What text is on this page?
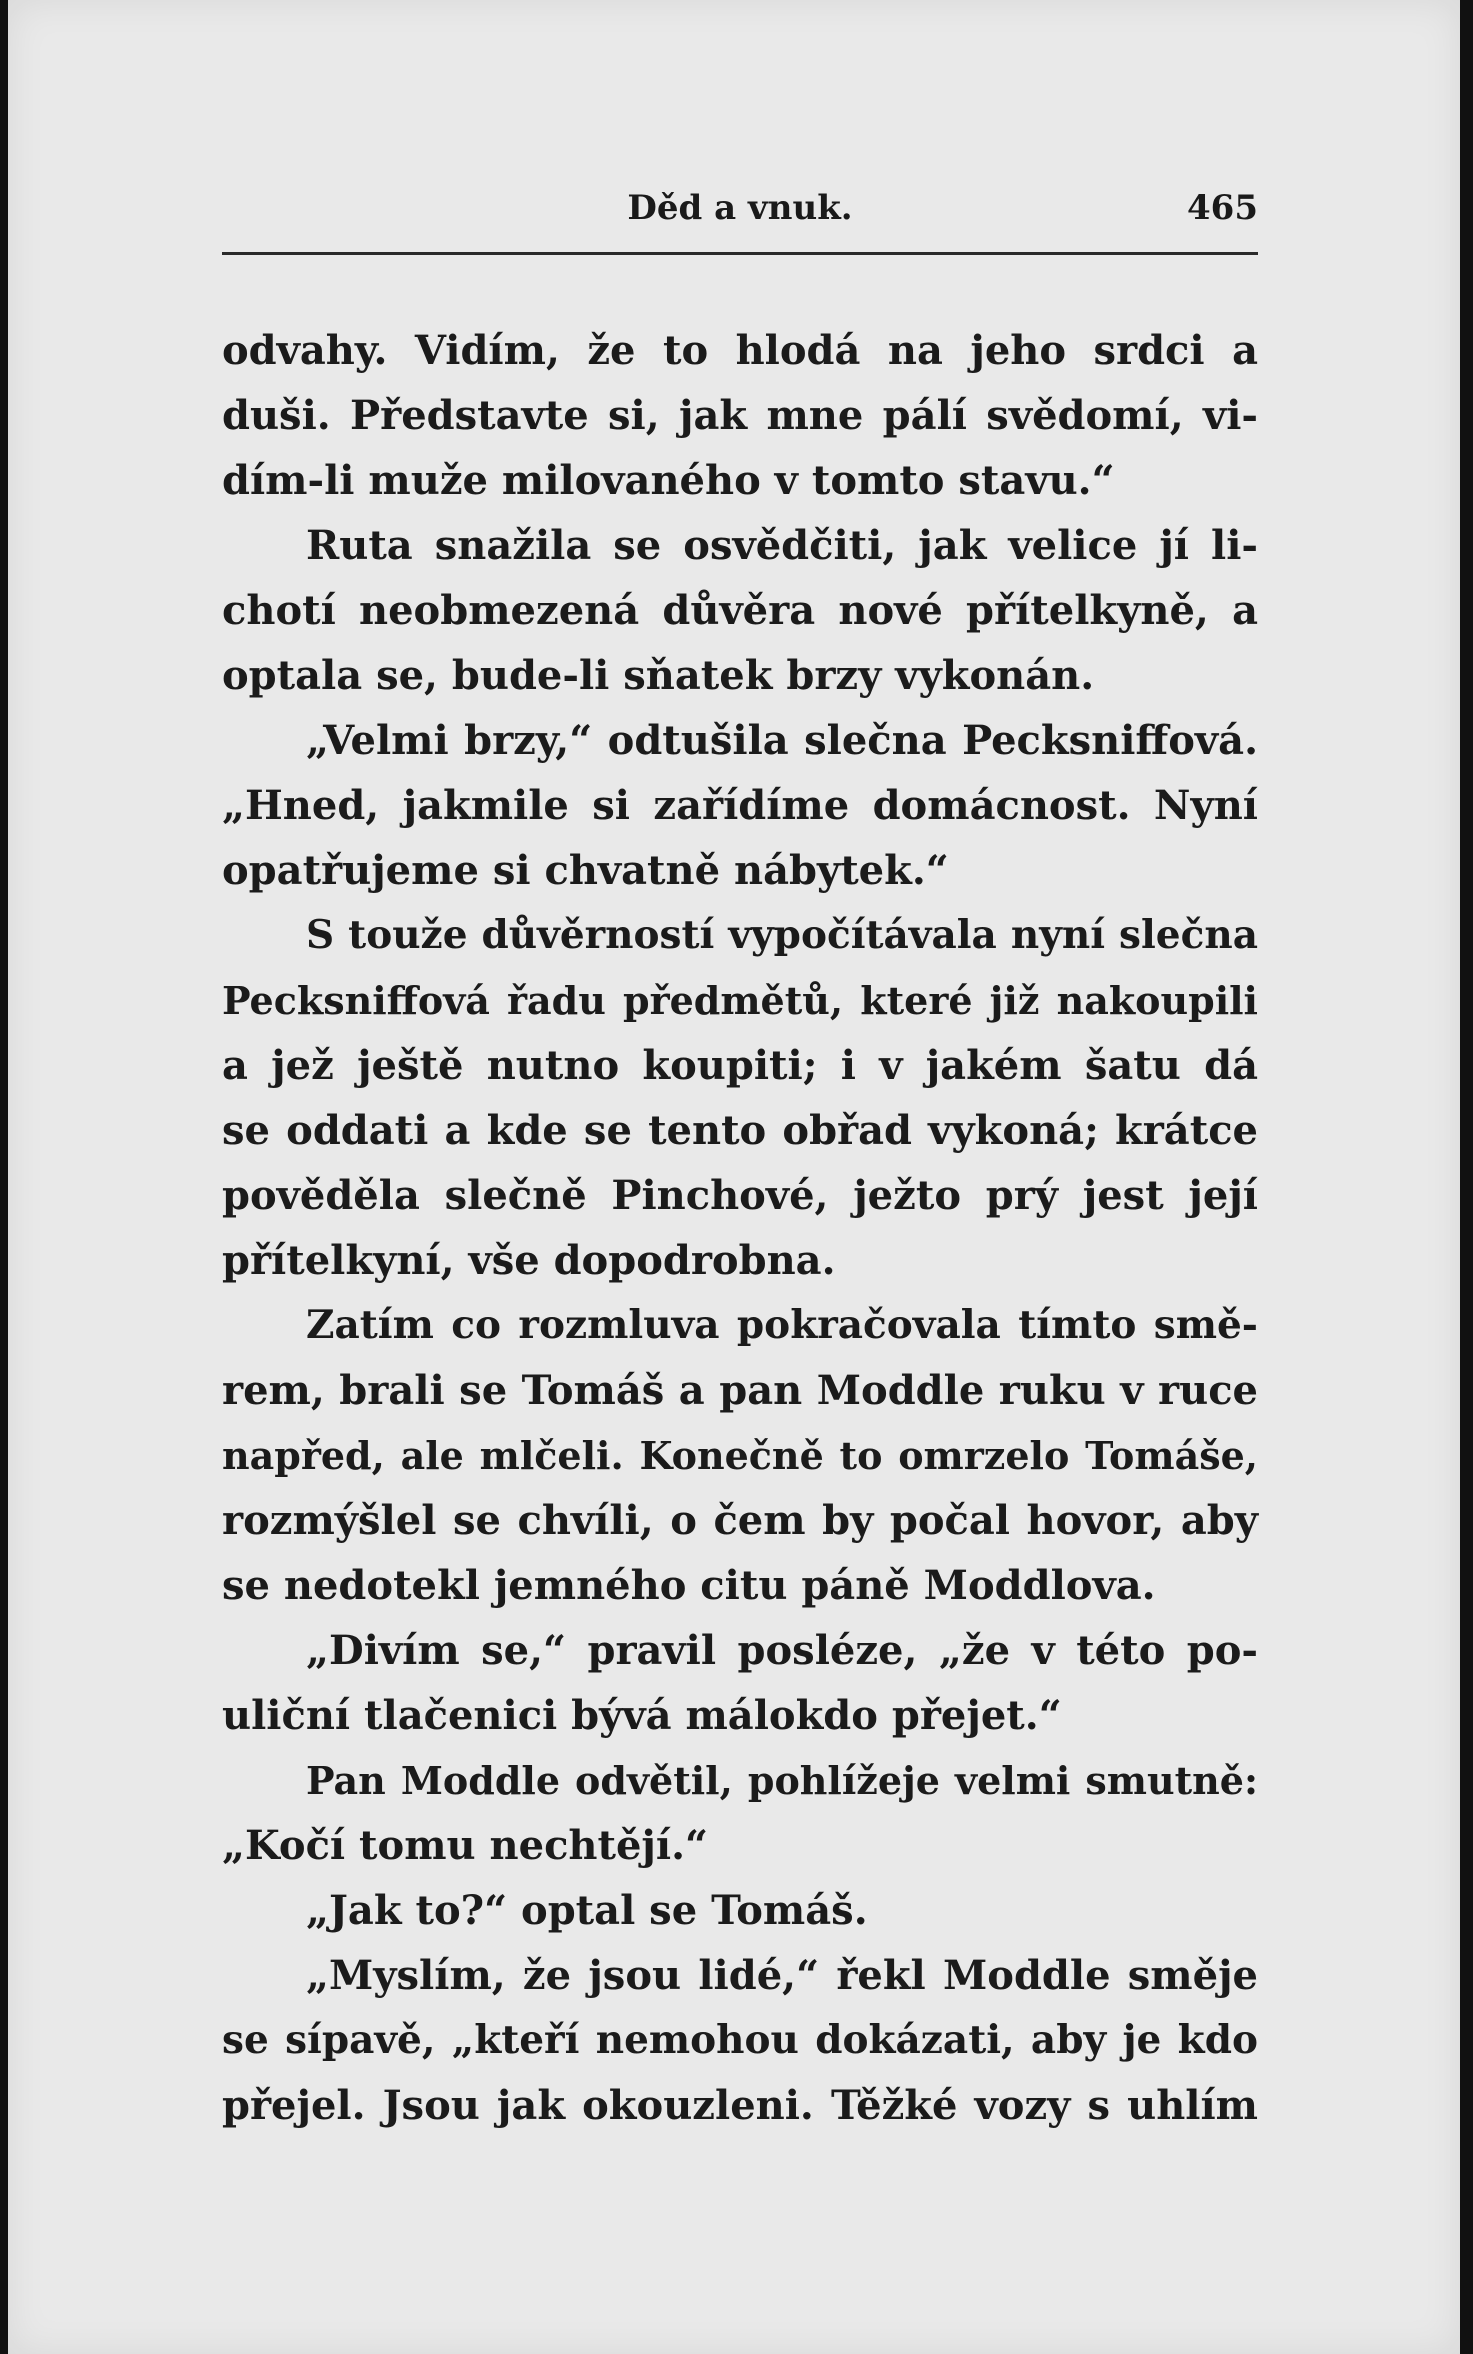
Děd a vnuk.	465
odvahy. Vidím, že to hlodá na jeho srdci a
duši. Představte si, jak mne pálí svědomí, vi-
dím-li muže milovaného v tomto stavu.“
Ruta snažila se osvědčiti, jak velice jí li-
chotí neobmezená důvěra nové přítelkyně, a
optala se, bude-li sňatek brzy vykonán.
„Velmi brzy,“ odtušila slečna Pecksniffová.
„Hned, jakmile si zařídíme domácnost. Nyní
opatřujeme si chvatně nábytek.“
S touže důvěrností vypočítávala nyní slečna
Pecksniffová řadu předmětů, které již nakoupili
a jež ještě nutno koupiti; i v jakém šatu dá
se oddati a kde se tento obřad vykoná; krátce
pověděla slečně Pinchové, ježto prý jest její
přítelkyní, vše dopodrobna.
Zatím co rozmluva pokračovala tímto smě-
rem, brali se Tomáš a pan Moddle ruku v ruce
napřed, ale mlčeli. Konečně to omrzelo Tomáše,
rozmýšlel se chvíli, o čem by počal hovor, aby
se nedotekl jemného citu páně Moddlova.
„Divím se,“ pravil posléze, „že v této po-
uliční tlačenici bývá málokdo přejet.“
Pan Moddle odvětil, pohlížeje velmi smutně:
„Kočí tomu nechtějí.“
„Jak to?“ optal se Tomáš.
„Myslím, že jsou lidé,“ řekl Moddle směje
se sípavě, „kteří nemohou dokázati, aby je kdo
přejel. Jsou jak okouzleni. Těžké vozy s uhlím
